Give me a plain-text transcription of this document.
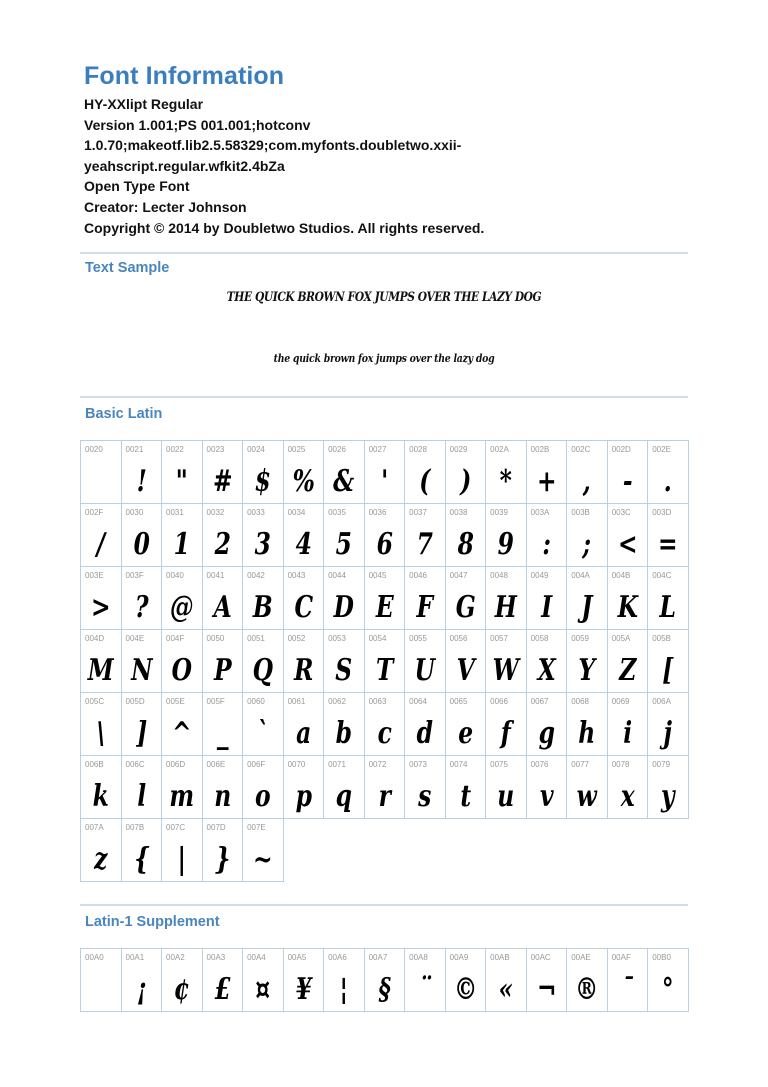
Font Information
HY-XXlipt Regular
Version 1.001;PS 001.001;hotconv
1.0.70;makeotf.lib2.5.58329;com.myfonts.doubletwo.xxii-
yeahscript.regular.wfkit2.4bZa
Open Type Font
Creator: Lecter Johnson
Copyright © 2014 by Doubletwo Studios. All rights reserved.
Text Sample
THE QUICK BROWN FOX JUMPS OVER THE LAZY DOG
the quick brown fox jumps over the lazy dog
Basic Latin
0020	0021
!
0022
"
0023
#
0024
$
0025
%
0026
&
0027
'
0028
(
0029
)
002A
*
002B
+
002C
,
002D
-
002E
.
002F
/
0030
0
0031
1
0032
2
0033
3
0034
4
0035
5
0036
6
0037
7
0038
8
0039
9
003A
:
003B
;
003C
<
003D
=
003E
>
003F
?
0040
@
0041
A
0042
B
0043
C
0044
D
0045
E
0046
F
0047
G
0048
H
0049
I
004A
J
004B
K
004C
L
004D
M
004E
N
004F
O
0050
P
0051
Q
0052
R
0053
S
0054
T
0055
U
0056
V
0057
W
0058
X
0059
Y
005A
Z
005B
[
005C
\
005D
]
005E
^
005F
_
0060
`
0061
a
0062
b
0063
c
0064
d
0065
e
0066
f
0067
g
0068
h
0069
i
006A
j
006B
k
006C
l
006D
m
006E
n
006F
o
0070
p
0071
q
0072
r
0073
s
0074
t
0075
u
0076
v
0077
w
0078
x
0079
y
007A
z
007B
{
007C
|
007D
}
007E
~
Latin-1 Supplement
00A0	00A1
¡
00A2
¢
00A3
£
00A4
¤
00A5
¥
00A6
¦
00A7
§
00A8
¨
00A9
©
00AB
«
00AC
¬
00AE
®
00AF
¯
00B0
°
